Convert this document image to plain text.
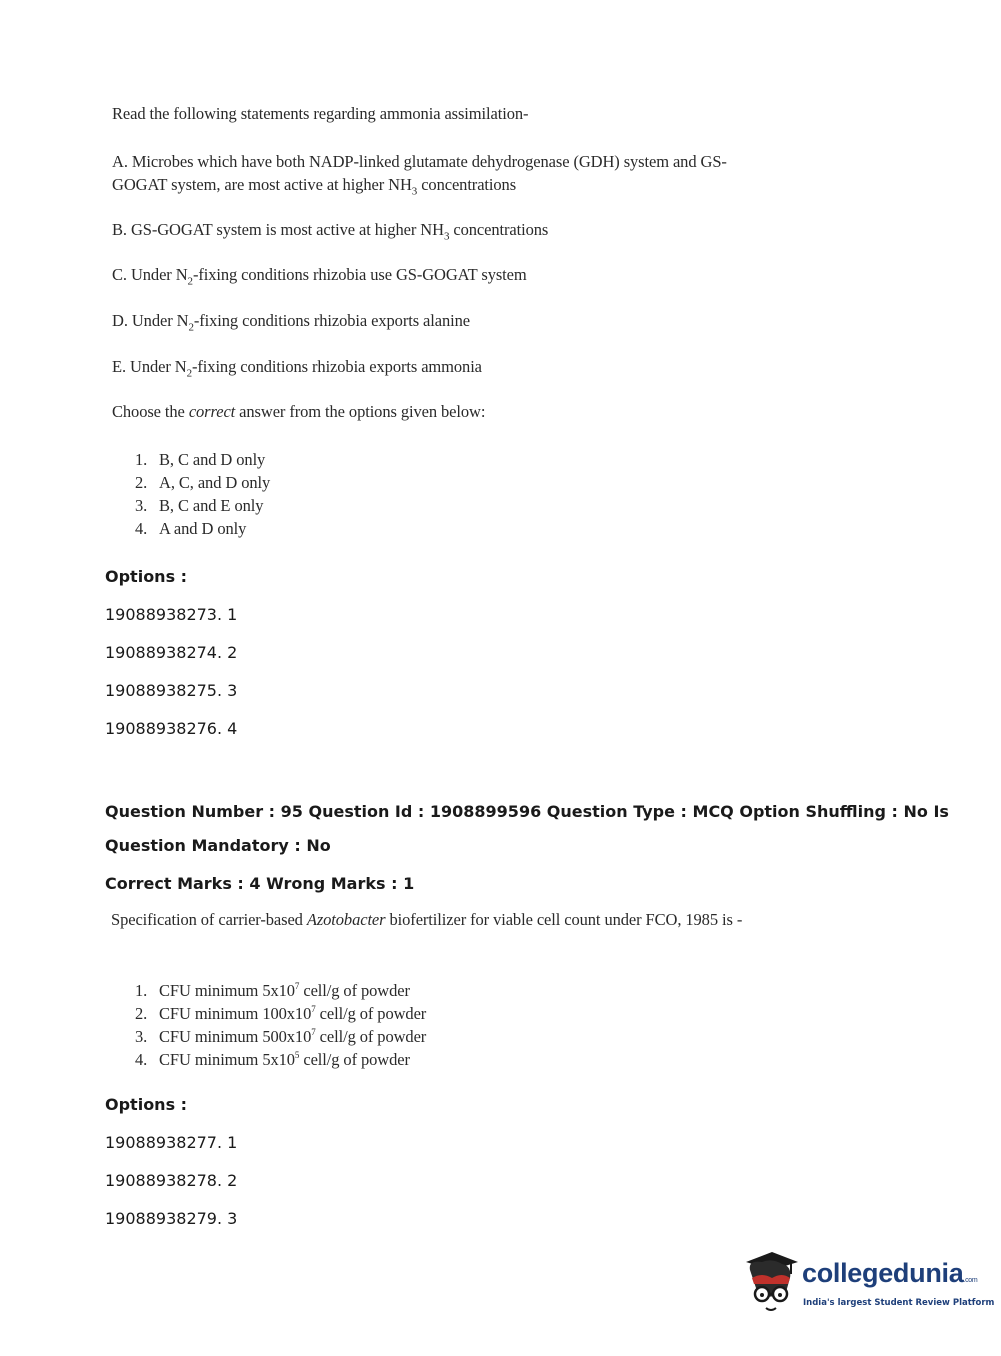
Read the following statements regarding ammonia assimilation-
A. Microbes which have both NADP-linked glutamate dehydrogenase (GDH) system and GS-
GOGAT system, are most active at higher $NH_3$ concentrations
B. GS-GOGAT system is most active at higher $NH_3$ concentrations
C. Under $N_2$-fixing conditions rhizobia use GS-GOGAT system
D. Under $N_2$-fixing conditions rhizobia exports alanine
E. Under $N_2$-fixing conditions rhizobia exports ammonia
Choose the correct answer from the options given below:
1. B, C and D only
2. A, C, and D only
3. B, C and E only
4. A and D only
Options :
19088938273. 1
19088938274. 2
19088938275. 3
19088938276. 4
Question Number : 95 Question Id : 1908899596 Question Type : MCQ Option Shuffling : No Is
Question Mandatory : No
Correct Marks : 4 Wrong Marks : 1
Specification of carrier-based Azotobacter biofertilizer for viable cell count under FCO, 1985 is -
1. CFU minimum $5x10^7$ cell/g of powder
2. CFU minimum $100x10^7$ cell/g of powder
3. CFU minimum $500x10^7$ cell/g of powder
4. CFU minimum $5x10^5$ cell/g of powder
Options :
19088938277. 1
19088938278. 2
19088938279. 3
collegedunia.com
India's largest Student Review Platform
